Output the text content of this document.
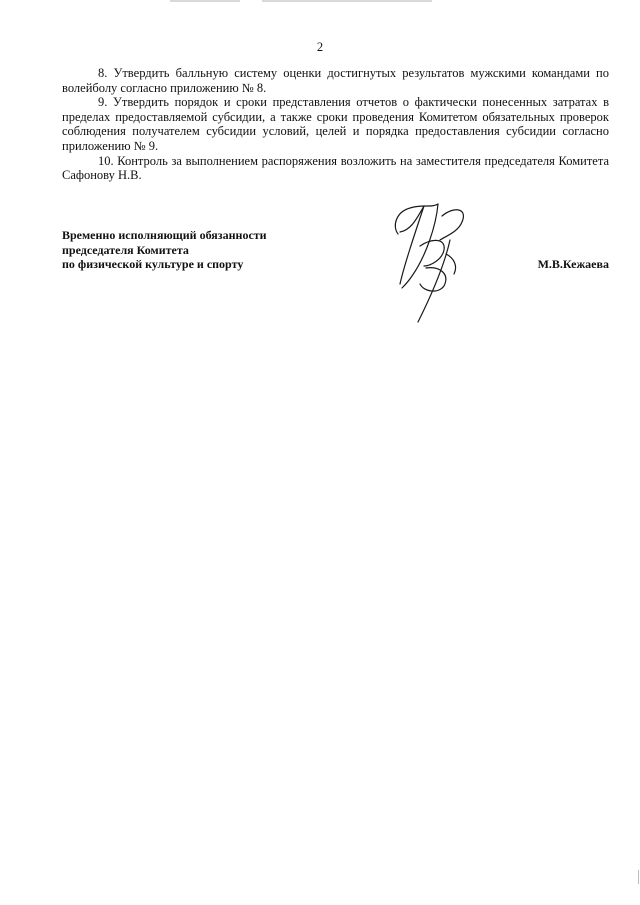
2

8. Утвердить балльную систему оценки достигнутых результатов мужскими командами по волейболу согласно приложению № 8.

9. Утвердить порядок и сроки представления отчетов о фактически понесенных затратах в пределах предоставляемой субсидии, а также сроки проведения Комитетом обязательных проверок соблюдения получателем субсидии условий, целей и порядка предоставления субсидии согласно приложению № 9.

10. Контроль за выполнением распоряжения возложить на заместителя председателя Комитета Сафонову Н.В.

Временно исполняющий обязанности
председателя Комитета
по физической культуре и спорту	М.В.Кежаева
